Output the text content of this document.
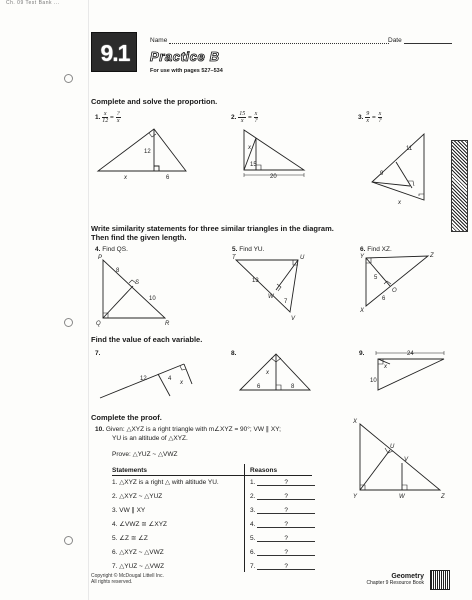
Ch. 09 Test Bank ...
9.1	Name	Date
Practice B
For use with pages 527–534
Complete and solve the proportion.
1. $\frac{x}{12}$ =
?
x
12
x	6
2. $\frac{15}{x}$ =
x
?
x
15
20
3. $\frac{9}{x}$ =
x
?
11
9
x
Write similarity statements for three similar triangles in the diagram.
Then find the given length.
4. Find QS.
P
S
Q	R
8
10
5. Find YU.
T	U
W
V
13
7
6. Find XZ.
Y	Z
O
X
5
6
Find the value of each variable.
7.
12
x
4
8.
x
6	8
9.	24
x
10
Complete the proof.
10. Given: △XYZ is a right triangle with m∠XYZ = 90°; VW ∥ XY;
YU is an altitude of △XYZ.
Prove: △YUZ ~ △VWZ
Statements	Reasons
1. △XYZ is a right △ with altitude YU.	1.	?
2. △XYZ ~ △YUZ	2.	?
3. VW ∥ XY	3.	?
4. ∠VWZ ≅ ∠XYZ	4.	?
5. ∠Z ≅ ∠Z	5.	?
6. △XYZ ~ △VWZ	6.	?
7. △YUZ ~ △VWZ	7.	?
X
V
U
Y	W	Z
Copyright © McDougal Littell Inc.
All rights reserved.
Geometry
Chapter 9 Resource Book
